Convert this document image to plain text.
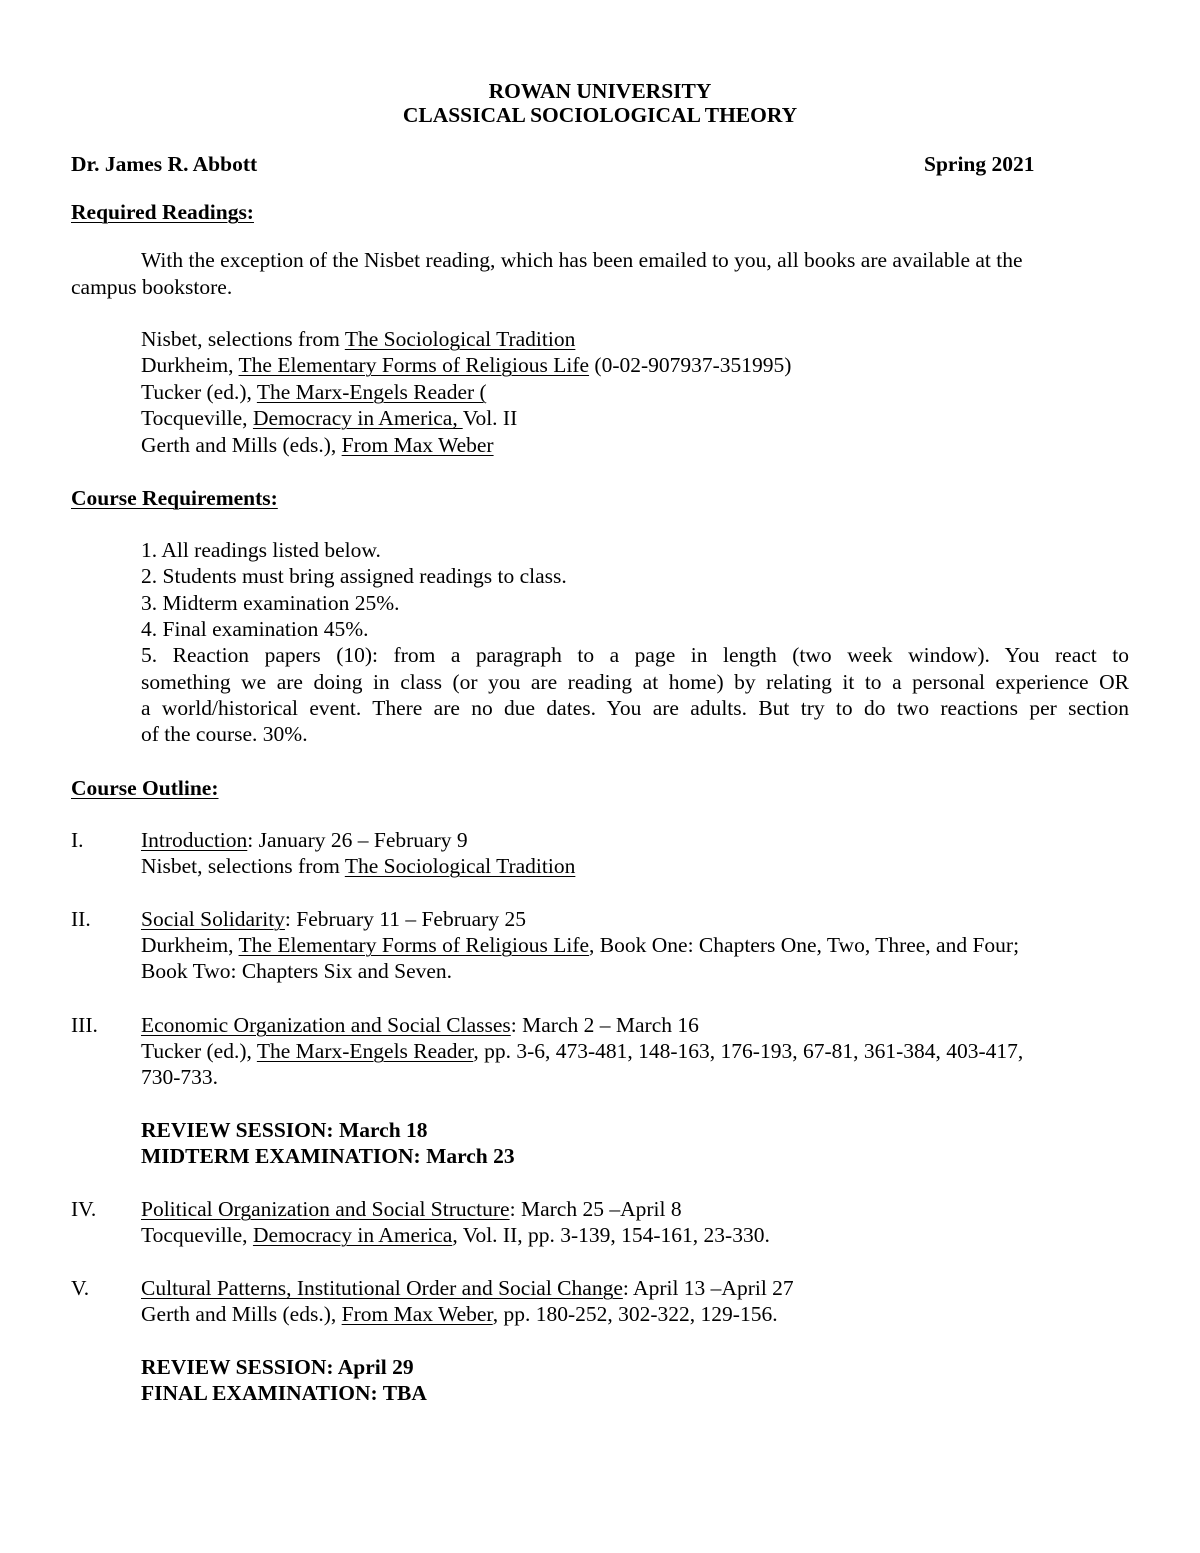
ROWAN UNIVERSITY
CLASSICAL SOCIOLOGICAL THEORY
Dr. James R. Abbott	Spring 2021
Required Readings:
With the exception of the Nisbet reading, which has been emailed to you, all books are available at the
campus bookstore.
Nisbet, selections from The Sociological Tradition
Durkheim, The Elementary Forms of Religious Life (0-02-907937-351995)
Tucker (ed.), The Marx-Engels Reader (
Tocqueville, Democracy in America, Vol. II
Gerth and Mills (eds.), From Max Weber
Course Requirements:
1. All readings listed below.
2. Students must bring assigned readings to class.
3. Midterm examination 25%.
4. Final examination 45%.
5. Reaction papers (10): from a paragraph to a page in length (two week window). You react to
something we are doing in class (or you are reading at home) by relating it to a personal experience OR
a world/historical event. There are no due dates. You are adults. But try to do two reactions per section
of the course. 30%.
Course Outline:
I.	Introduction: January 26 – February 9
Nisbet, selections from The Sociological Tradition
II. Social Solidarity: February 11 – February 25
Durkheim, The Elementary Forms of Religious Life, Book One: Chapters One, Two, Three, and Four;
Book Two: Chapters Six and Seven.
III. Economic Organization and Social Classes: March 2 – March 16
Tucker (ed.), The Marx-Engels Reader, pp. 3-6, 473-481, 148-163, 176-193, 67-81, 361-384, 403-417,
730-733.
REVIEW SESSION: March 18
MIDTERM EXAMINATION: March 23
IV. Political Organization and Social Structure: March 25 –April 8
Tocqueville, Democracy in America, Vol. II, pp. 3-139, 154-161, 23-330.
V. Cultural Patterns, Institutional Order and Social Change: April 13 –April 27
Gerth and Mills (eds.), From Max Weber, pp. 180-252, 302-322, 129-156.
REVIEW SESSION: April 29
FINAL EXAMINATION: TBA
